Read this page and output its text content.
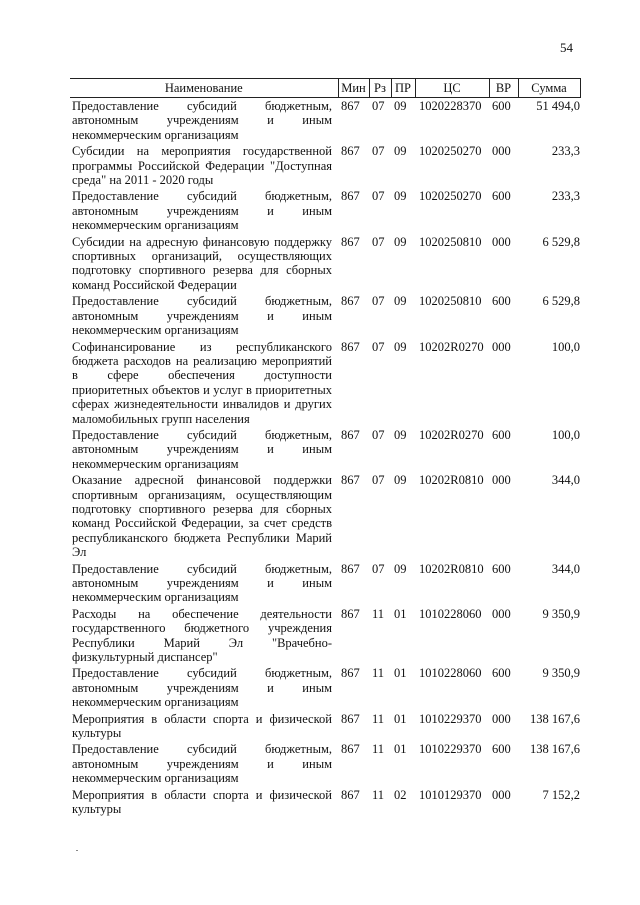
54
Наименование	Мин	Рз	ПР	ЦС	ВР	Сумма
Предоставление субсидий бюджетным, автономным учреждениям и иным некоммерческим организациям	867	07	09	1020228370	600	51 494,0
Субсидии на мероприятия государственной программы Российской Федерации "Доступная среда" на 2011 - 2020 годы	867	07	09	1020250270	000	233,3
Предоставление субсидий бюджетным, автономным учреждениям и иным некоммерческим организациям	867	07	09	1020250270	600	233,3
Субсидии на адресную финансовую поддержку спортивных организаций, осуществляющих подготовку спортивного резерва для сборных команд Российской Федерации	867	07	09	1020250810	000	6 529,8
Предоставление субсидий бюджетным, автономным учреждениям и иным некоммерческим организациям	867	07	09	1020250810	600	6 529,8
Софинансирование из республиканского бюджета расходов на реализацию мероприятий в сфере обеспечения доступности приоритетных объектов и услуг в приоритетных сферах жизнедеятельности инвалидов и других маломобильных групп населения	867	07	09	10202R0270	000	100,0
Предоставление субсидий бюджетным, автономным учреждениям и иным некоммерческим организациям	867	07	09	10202R0270	600	100,0
Оказание адресной финансовой поддержки спортивным организациям, осуществляющим подготовку спортивного резерва для сборных команд Российской Федерации, за счет средств республиканского бюджета Республики Марий Эл	867	07	09	10202R0810	000	344,0
Предоставление субсидий бюджетным, автономным учреждениям и иным некоммерческим организациям	867	07	09	10202R0810	600	344,0
Расходы на обеспечение деятельности государственного бюджетного учреждения Республики Марий Эл "Врачебно-физкультурный диспансер"	867	11	01	1010228060	000	9 350,9
Предоставление субсидий бюджетным, автономным учреждениям и иным некоммерческим организациям	867	11	01	1010228060	600	9 350,9
Мероприятия в области спорта и физической культуры	867	11	01	1010229370	000	138 167,6
Предоставление субсидий бюджетным, автономным учреждениям и иным некоммерческим организациям	867	11	01	1010229370	600	138 167,6
Мероприятия в области спорта и физической культуры	867	11	02	1010129370	000	7 152,2
